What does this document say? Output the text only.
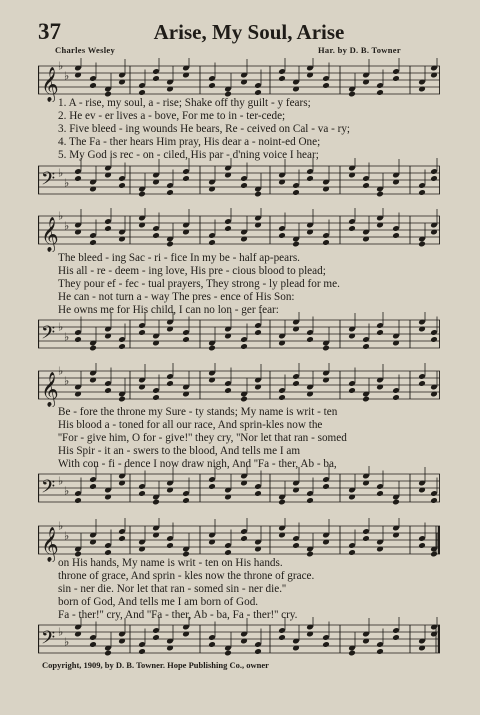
37	Arise, My Soul, Arise
Charles Wesley	Har. by D. B. Towner
𝄞
♭
♭
1. A - rise, my soul, a - rise; Shake off thy guilt - y fears;
2. He ev - er lives a - bove, For me to in - ter-cede;
3. Five bleed - ing wounds He bears, Re - ceived on Cal - va - ry;
4. The Fa - ther hears Him pray, His dear a - noint-ed One;
5. My God is rec - on - ciled, His par - d'ning voice I hear;
𝄢 ♭
♭
𝄞
♭
♭
The bleed - ing Sac - ri - fice In my be - half ap-pears.
His all - re - deem - ing love, His pre - cious blood to plead;
They pour ef - fec - tual prayers, They strong - ly plead for me.
He can - not turn a - way The pres - ence of His Son:
He owns me for His child, I can no lon - ger fear:
𝄢 ♭
♭
𝄞
♭
♭
Be - fore the throne my Sure - ty stands; My name is writ - ten
His blood a - toned for all our race, And sprin-kles now the
''For - give him, O for - give!'' they cry, ''Nor let that ran - somed
His Spir - it an - swers to the blood, And tells me I am
With con - fi - dence I now draw nigh, And ''Fa - ther, Ab - ba,
𝄢 ♭
♭
𝄞
♭
♭
on His hands, My name is writ - ten on His hands.
throne of grace, And sprin - kles now the throne of grace.
sin - ner die. Nor let that ran - somed sin - ner die.''
born of God, And tells me I am born of God.
Fa - ther!'' cry, And ''Fa - ther, Ab - ba, Fa - ther!'' cry.
𝄢 ♭
♭
Copyright, 1909, by D. B. Towner. Hope Publishing Co., owner
